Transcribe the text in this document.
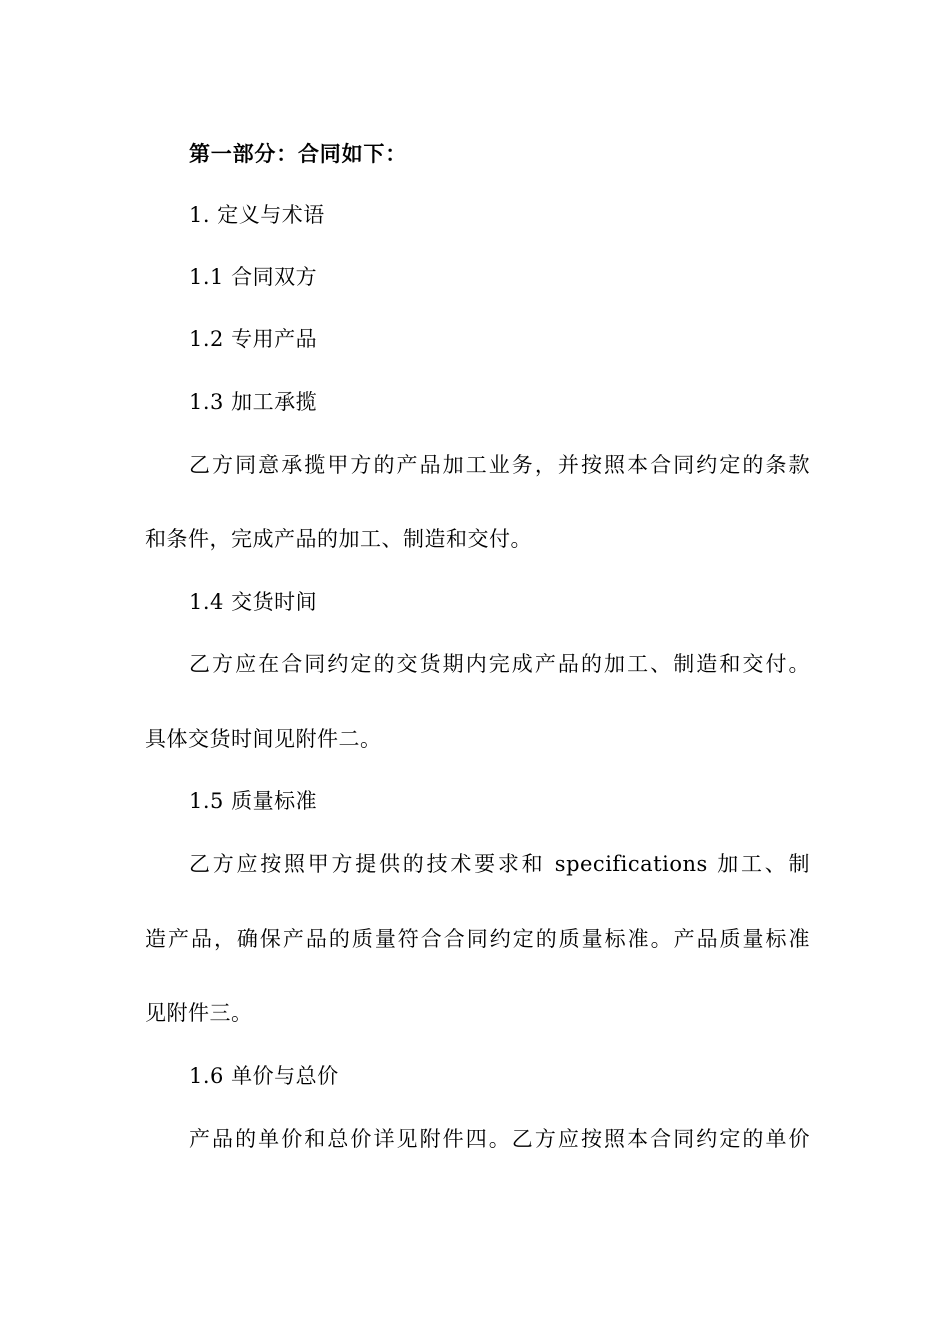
第一部分：合同如下：
1. 定义与术语
1.1 合同双方
1.2 专用产品
1.3 加工承揽
乙方同意承揽甲方的产品加工业务，并按照本合同约定的条款
和条件，完成产品的加工、制造和交付。
1.4 交货时间
乙方应在合同约定的交货期内完成产品的加工、制造和交付。
具体交货时间见附件二。
1.5 质量标准
乙方应按照甲方提供的技术要求和 specifications 加工、制
造产品，确保产品的质量符合合同约定的质量标准。产品质量标准
见附件三。
1.6 单价与总价
产品的单价和总价详见附件四。乙方应按照本合同约定的单价
